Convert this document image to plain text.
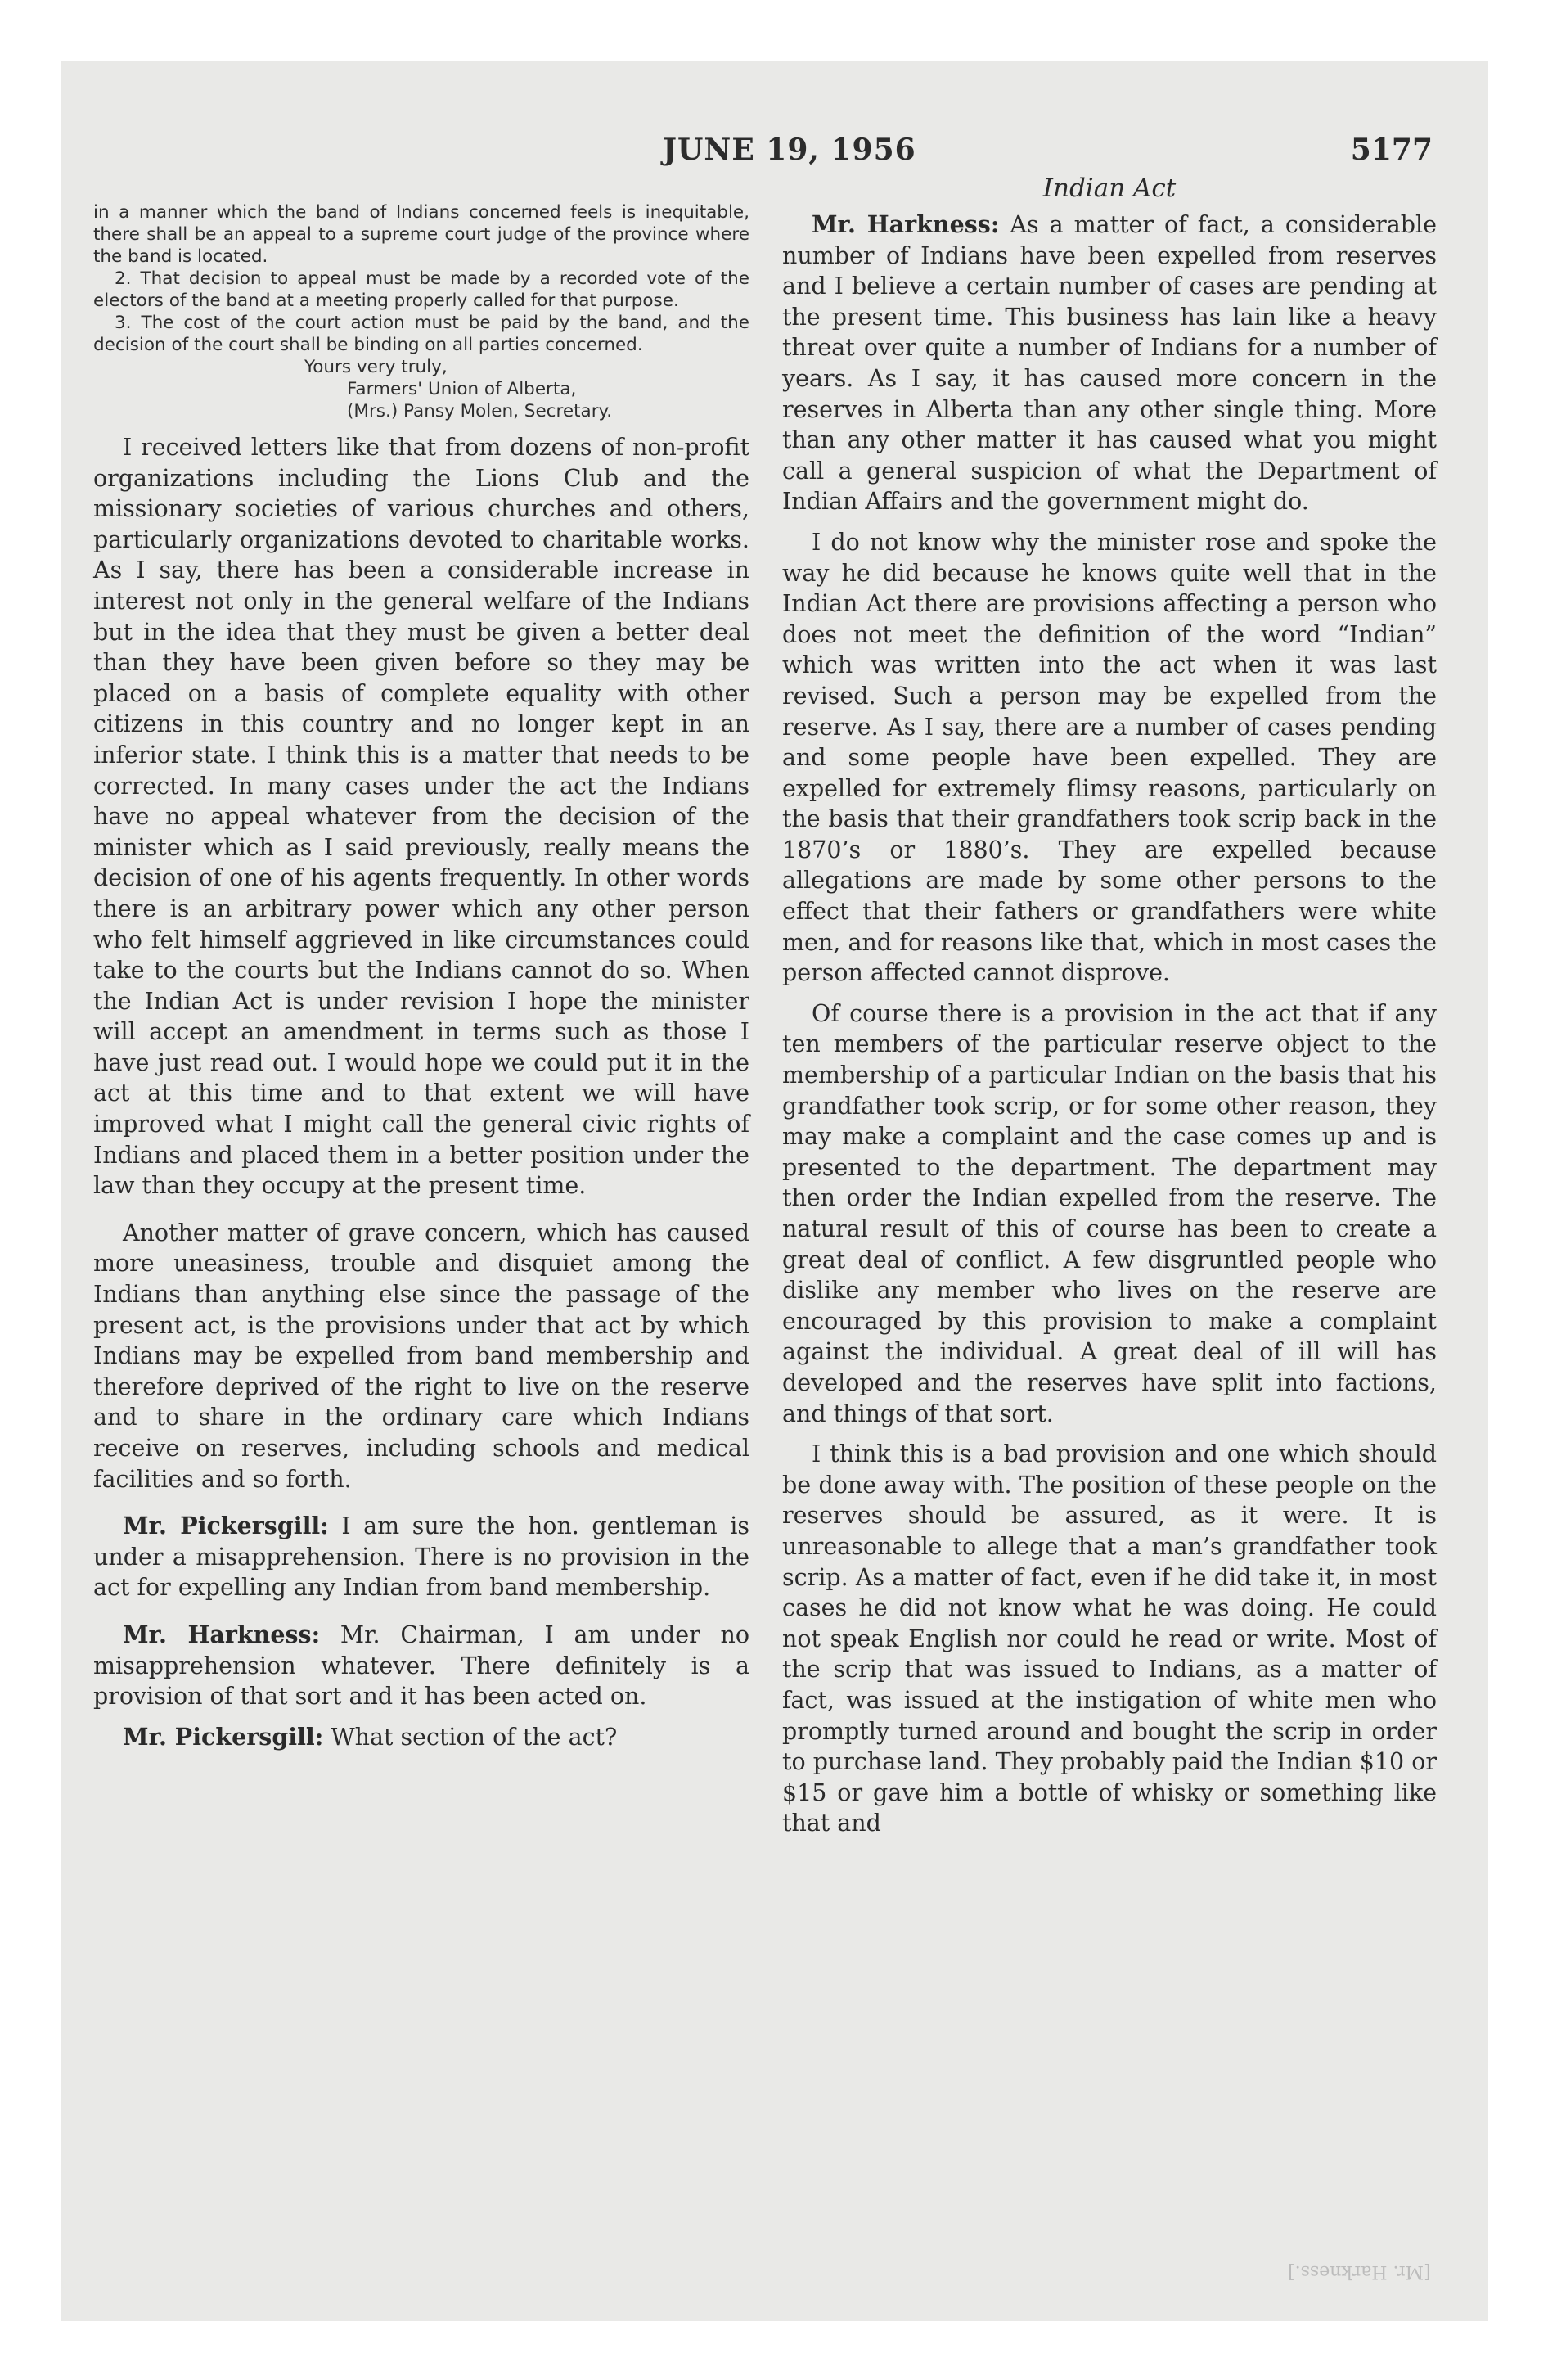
JUNE 19, 1956	5177

in a manner which the band of Indians concerned feels is inequitable, there shall be an appeal to a supreme court judge of the province where the band is located.

2. That decision to appeal must be made by a recorded vote of the electors of the band at a meeting properly called for that purpose.

3. The cost of the court action must be paid by the band, and the decision of the court shall be binding on all parties concerned.

Yours very truly,

Farmers' Union of Alberta,

(Mrs.) Pansy Molen, Secretary.

I received letters like that from dozens of non-profit organizations including the Lions Club and the missionary societies of various churches and others, particularly organizations devoted to charitable works. As I say, there has been a considerable increase in interest not only in the general welfare of the Indians but in the idea that they must be given a better deal than they have been given before so they may be placed on a basis of complete equality with other citizens in this country and no longer kept in an inferior state. I think this is a matter that needs to be corrected. In many cases under the act the Indians have no appeal whatever from the decision of the minister which as I said previously, really means the decision of one of his agents frequently. In other words there is an arbitrary power which any other person who felt himself aggrieved in like circumstances could take to the courts but the Indians cannot do so. When the Indian Act is under revision I hope the minister will accept an amendment in terms such as those I have just read out. I would hope we could put it in the act at this time and to that extent we will have improved what I might call the general civic rights of Indians and placed them in a better position under the law than they occupy at the present time.

Another matter of grave concern, which has caused more uneasiness, trouble and disquiet among the Indians than anything else since the passage of the present act, is the provisions under that act by which Indians may be expelled from band membership and therefore deprived of the right to live on the reserve and to share in the ordinary care which Indians receive on reserves, including schools and medical facilities and so forth.

Mr. Pickersgill: I am sure the hon. gentleman is under a misapprehension. There is no provision in the act for expelling any Indian from band membership.

Mr. Harkness: Mr. Chairman, I am under no misapprehension whatever. There definitely is a provision of that sort and it has been acted on.

Mr. Pickersgill: What section of the act?

Indian Act

Mr. Harkness: As a matter of fact, a considerable number of Indians have been expelled from reserves and I believe a certain number of cases are pending at the present time. This business has lain like a heavy threat over quite a number of Indians for a number of years. As I say, it has caused more concern in the reserves in Alberta than any other single thing. More than any other matter it has caused what you might call a general suspicion of what the Department of Indian Affairs and the government might do.

I do not know why the minister rose and spoke the way he did because he knows quite well that in the Indian Act there are provisions affecting a person who does not meet the definition of the word “Indian” which was written into the act when it was last revised. Such a person may be expelled from the reserve. As I say, there are a number of cases pending and some people have been expelled. They are expelled for extremely flimsy reasons, particularly on the basis that their grandfathers took scrip back in the 1870’s or 1880’s. They are expelled because allegations are made by some other persons to the effect that their fathers or grandfathers were white men, and for reasons like that, which in most cases the person affected cannot disprove.

Of course there is a provision in the act that if any ten members of the particular reserve object to the membership of a particular Indian on the basis that his grandfather took scrip, or for some other reason, they may make a complaint and the case comes up and is presented to the department. The department may then order the Indian expelled from the reserve. The natural result of this of course has been to create a great deal of conflict. A few disgruntled people who dislike any member who lives on the reserve are encouraged by this provision to make a complaint against the individual. A great deal of ill will has developed and the reserves have split into factions, and things of that sort.

I think this is a bad provision and one which should be done away with. The position of these people on the reserves should be assured, as it were. It is unreasonable to allege that a man’s grandfather took scrip. As a matter of fact, even if he did take it, in most cases he did not know what he was doing. He could not speak English nor could he read or write. Most of the scrip that was issued to Indians, as a matter of fact, was issued at the instigation of white men who promptly turned around and bought the scrip in order to purchase land. They probably paid the Indian $10 or $15 or gave him a bottle of whisky or something like that and

[Mr. Harkness.]
